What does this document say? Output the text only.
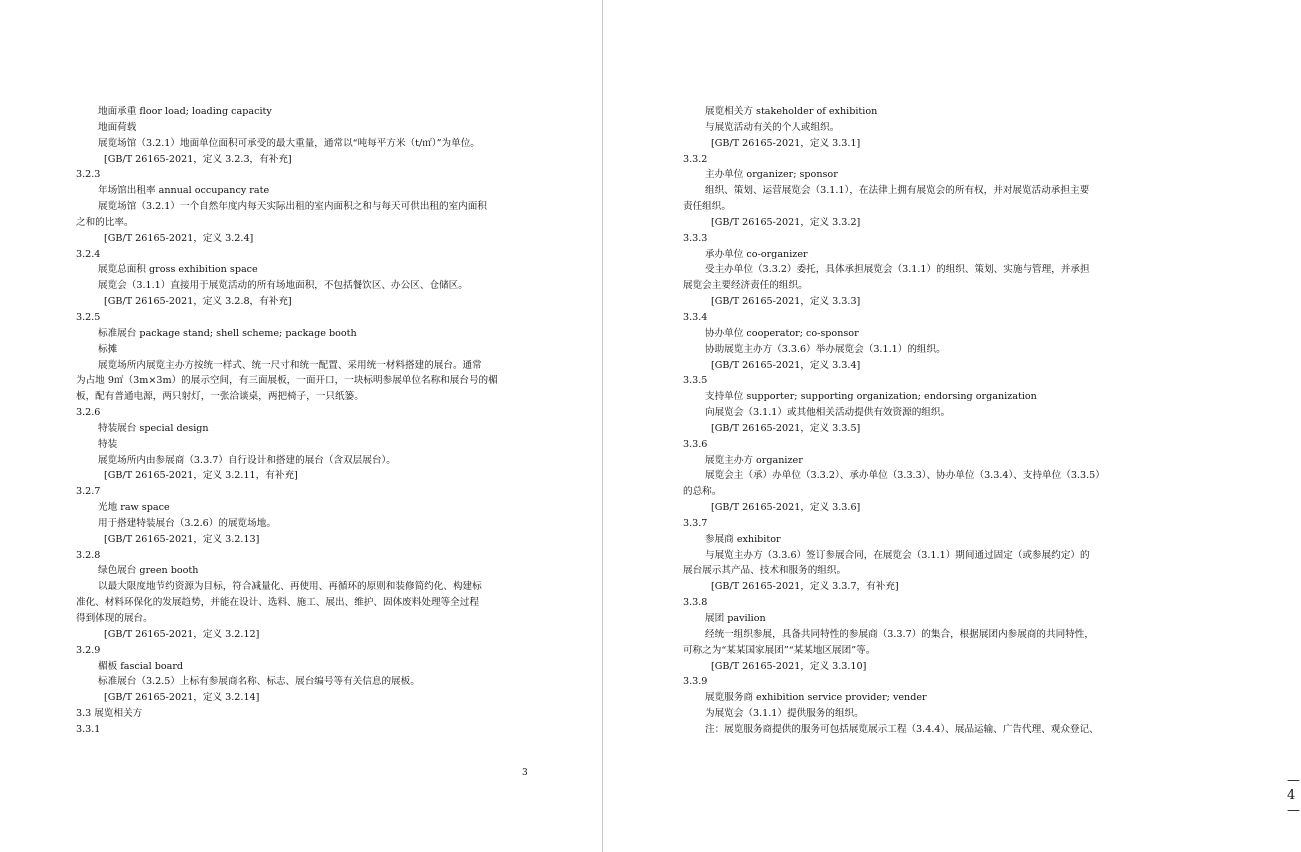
地面承重 floor load; loading capacity
地面荷载
展览场馆（3.2.1）地面单位面积可承受的最大重量，通常以“吨每平方米（t/㎡）”为单位。
[GB/T 26165-2021，定义 3.2.3，有补充]
3.2.3
年场馆出租率 annual occupancy rate
展览场馆（3.2.1）一个自然年度内每天实际出租的室内面积之和与每天可供出租的室内面积
之和的比率。
[GB/T 26165-2021，定义 3.2.4]
3.2.4
展览总面积 gross exhibition space
展览会（3.1.1）直接用于展览活动的所有场地面积，不包括餐饮区、办公区、仓储区。
[GB/T 26165-2021，定义 3.2.8，有补充]
3.2.5
标准展台 package stand; shell scheme; package booth
标摊
展览场所内展览主办方按统一样式、统一尺寸和统一配置、采用统一材料搭建的展台。通常
为占地 9㎡（3m×3m）的展示空间，有三面展板，一面开口，一块标明参展单位名称和展台号的楣
板，配有普通电源，两只射灯，一张洽谈桌，两把椅子，一只纸篓。
3.2.6
特装展台 special design
特装
展览场所内由参展商（3.3.7）自行设计和搭建的展台（含双层展台）。
[GB/T 26165-2021，定义 3.2.11，有补充]
3.2.7
光地 raw space
用于搭建特装展台（3.2.6）的展览场地。
[GB/T 26165-2021，定义 3.2.13]
3.2.8
绿色展台 green booth
以最大限度地节约资源为目标，符合减量化、再使用、再循环的原则和装修简约化、构建标
准化、材料环保化的发展趋势，并能在设计、选料、施工、展出、维护、固体废料处理等全过程
得到体现的展台。
[GB/T 26165-2021，定义 3.2.12]
3.2.9
楣板 fascial board
标准展台（3.2.5）上标有参展商名称、标志、展台编号等有关信息的展板。
[GB/T 26165-2021，定义 3.2.14]
3.3 展览相关方
3.3.1
3	— 4 —
展览相关方 stakeholder of exhibition
与展览活动有关的个人或组织。
[GB/T 26165-2021，定义 3.3.1]
3.3.2
主办单位 organizer; sponsor
组织、策划、运营展览会（3.1.1），在法律上拥有展览会的所有权，并对展览活动承担主要
责任组织。
[GB/T 26165-2021，定义 3.3.2]
3.3.3
承办单位 co-organizer
受主办单位（3.3.2）委托，具体承担展览会（3.1.1）的组织、策划、实施与管理，并承担
展览会主要经济责任的组织。
[GB/T 26165-2021，定义 3.3.3]
3.3.4
协办单位 cooperator; co-sponsor
协助展览主办方（3.3.6）举办展览会（3.1.1）的组织。
[GB/T 26165-2021，定义 3.3.4]
3.3.5
支持单位 supporter; supporting organization; endorsing organization
向展览会（3.1.1）或其他相关活动提供有效资源的组织。
[GB/T 26165-2021，定义 3.3.5]
3.3.6
展览主办方 organizer
展览会主（承）办单位（3.3.2）、承办单位（3.3.3）、协办单位（3.3.4）、支持单位（3.3.5）
的总称。
[GB/T 26165-2021，定义 3.3.6]
3.3.7
参展商 exhibitor
与展览主办方（3.3.6）签订参展合同，在展览会（3.1.1）期间通过固定（或参展约定）的
展台展示其产品、技术和服务的组织。
[GB/T 26165-2021，定义 3.3.7，有补充]
3.3.8
展团 pavilion
经统一组织参展，具备共同特性的参展商（3.3.7）的集合，根据展团内参展商的共同特性，
可称之为“某某国家展团”“某某地区展团”等。
[GB/T 26165-2021，定义 3.3.10]
3.3.9
展览服务商 exhibition service provider; vender
为展览会（3.1.1）提供服务的组织。
注：展览服务商提供的服务可包括展览展示工程（3.4.4）、展品运输、广告代理、观众登记、
